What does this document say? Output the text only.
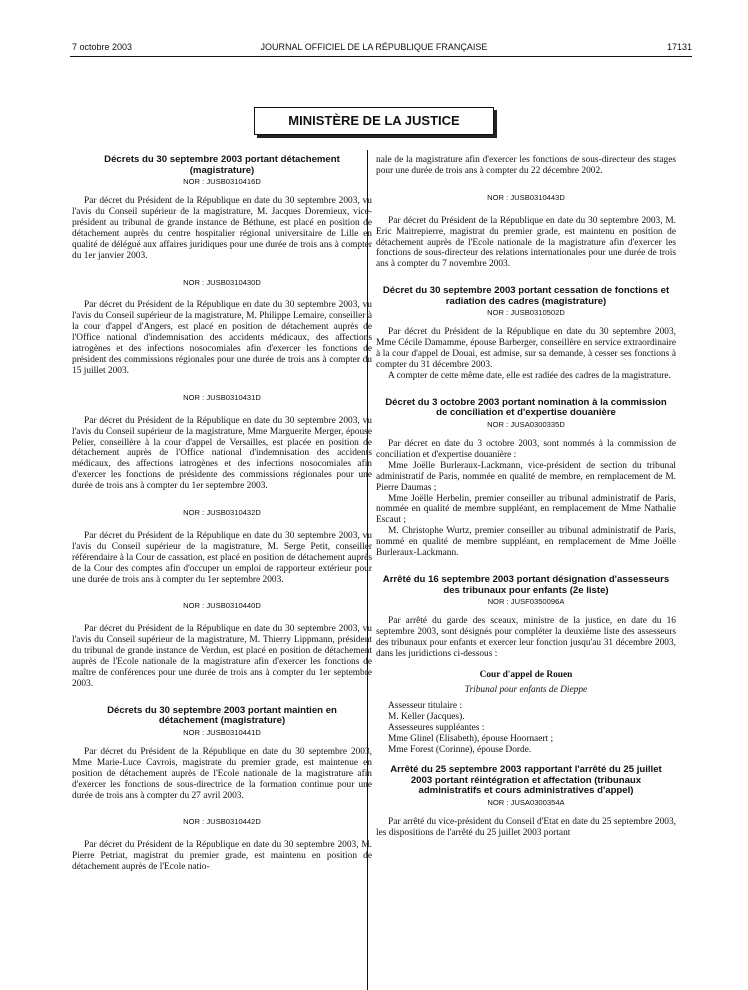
7 octobre 2003	JOURNAL OFFICIEL DE LA RÉPUBLIQUE FRANÇAISE	17131
MINISTÈRE DE LA JUSTICE
Décrets du 30 septembre 2003 portant détachement (magistrature)
NOR : JUSB0310416D
Par décret du Président de la République en date du 30 septembre 2003, vu l'avis du Conseil supérieur de la magistrature, M. Jacques Doremieux, vice-président au tribunal de grande instance de Béthune, est placé en position de détachement auprès du centre hospitalier régional universitaire de Lille en qualité de délégué aux affaires juridiques pour une durée de trois ans à compter du 1er janvier 2003.
NOR : JUSB0310430D
Par décret du Président de la République en date du 30 septembre 2003, vu l'avis du Conseil supérieur de la magistrature, M. Philippe Lemaire, conseiller à la cour d'appel d'Angers, est placé en position de détachement auprès de l'Office national d'indemnisation des accidents médicaux, des affections iatrogènes et des infections nosocomiales afin d'exercer les fonctions de président des commissions régionales pour une durée de trois ans à compter du 15 juillet 2003.
NOR : JUSB0310431D
Par décret du Président de la République en date du 30 septembre 2003, vu l'avis du Conseil supérieur de la magistrature, Mme Marguerite Merger, épouse Pelier, conseillère à la cour d'appel de Versailles, est placée en position de détachement auprès de l'Office national d'indemnisation des accidents médicaux, des affections iatrogènes et des infections nosocomiales afin d'exercer les fonctions de présidente des commissions régionales pour une durée de trois ans à compter du 1er septembre 2003.
NOR : JUSB0310432D
Par décret du Président de la République en date du 30 septembre 2003, vu l'avis du Conseil supérieur de la magistrature, M. Serge Petit, conseiller référendaire à la Cour de cassation, est placé en position de détachement auprès de la Cour des comptes afin d'occuper un emploi de rapporteur extérieur pour une durée de trois ans à compter du 1er septembre 2003.
NOR : JUSB0310440D
Par décret du Président de la République en date du 30 septembre 2003, vu l'avis du Conseil supérieur de la magistrature, M. Thierry Lippmann, président du tribunal de grande instance de Verdun, est placé en position de détachement auprès de l'Ecole nationale de la magistrature afin d'exercer les fonctions de maître de conférences pour une durée de trois ans à compter du 1er septembre 2003.
Décrets du 30 septembre 2003 portant maintien en détachement (magistrature)
NOR : JUSB0310441D
Par décret du Président de la République en date du 30 septembre 2003, Mme Marie-Luce Cavrois, magistrate du premier grade, est maintenue en position de détachement auprès de l'Ecole nationale de la magistrature afin d'exercer les fonctions de sous-directrice de la formation continue pour une durée de trois ans à compter du 27 avril 2003.
NOR : JUSB0310442D
Par décret du Président de la République en date du 30 septembre 2003, M. Pierre Petriat, magistrat du premier grade, est maintenu en position de détachement auprès de l'Ecole natio-
nale de la magistrature afin d'exercer les fonctions de sous-directeur des stages pour une durée de trois ans à compter du 22 décembre 2002.
NOR : JUSB0310443D
Par décret du Président de la République en date du 30 septembre 2003, M. Eric Maitrepierre, magistrat du premier grade, est maintenu en position de détachement auprès de l'Ecole nationale de la magistrature afin d'exercer les fonctions de sous-directeur des relations internationales pour une durée de trois ans à compter du 7 novembre 2003.
Décret du 30 septembre 2003 portant cessation de fonctions et radiation des cadres (magistrature)
NOR : JUSB0310502D
Par décret du Président de la République en date du 30 septembre 2003, Mme Cécile Damamme, épouse Barberger, conseillère en service extraordinaire à la cour d'appel de Douai, est admise, sur sa demande, à cesser ses fonctions à compter du 31 décembre 2003.
A compter de cette même date, elle est radiée des cadres de la magistrature.
Décret du 3 octobre 2003 portant nomination à la commission de conciliation et d'expertise douanière
NOR : JUSA0300335D
Par décret en date du 3 octobre 2003, sont nommés à la commission de conciliation et d'expertise douanière :
Mme Joëlle Burleraux-Lackmann, vice-président de section du tribunal administratif de Paris, nommée en qualité de membre, en remplacement de M. Pierre Daumas ;
Mme Joëlle Herbelin, premier conseiller au tribunal administratif de Paris, nommée en qualité de membre suppléant, en remplacement de Mme Nathalie Escaut ;
M. Christophe Wurtz, premier conseiller au tribunal administratif de Paris, nommé en qualité de membre suppléant, en remplacement de Mme Joëlle Burleraux-Lackmann.
Arrêté du 16 septembre 2003 portant désignation d'assesseurs des tribunaux pour enfants (2e liste)
NOR : JUSF0350096A
Par arrêté du garde des sceaux, ministre de la justice, en date du 16 septembre 2003, sont désignés pour compléter la deuxième liste des assesseurs des tribunaux pour enfants et exercer leur fonction jusqu'au 31 décembre 2003, dans les juridictions ci-dessous :
Cour d'appel de Rouen
Tribunal pour enfants de Dieppe
Assesseur titulaire :
M. Keller (Jacques).
Assesseures suppléantes :
Mme Glinel (Elisabeth), épouse Hoornaert ;
Mme Forest (Corinne), épouse Dorde.
Arrêté du 25 septembre 2003 rapportant l'arrêté du 25 juillet 2003 portant réintégration et affectation (tribunaux administratifs et cours administratives d'appel)
NOR : JUSA0300354A
Par arrêté du vice-président du Conseil d'Etat en date du 25 septembre 2003, les dispositions de l'arrêté du 25 juillet 2003 portant
